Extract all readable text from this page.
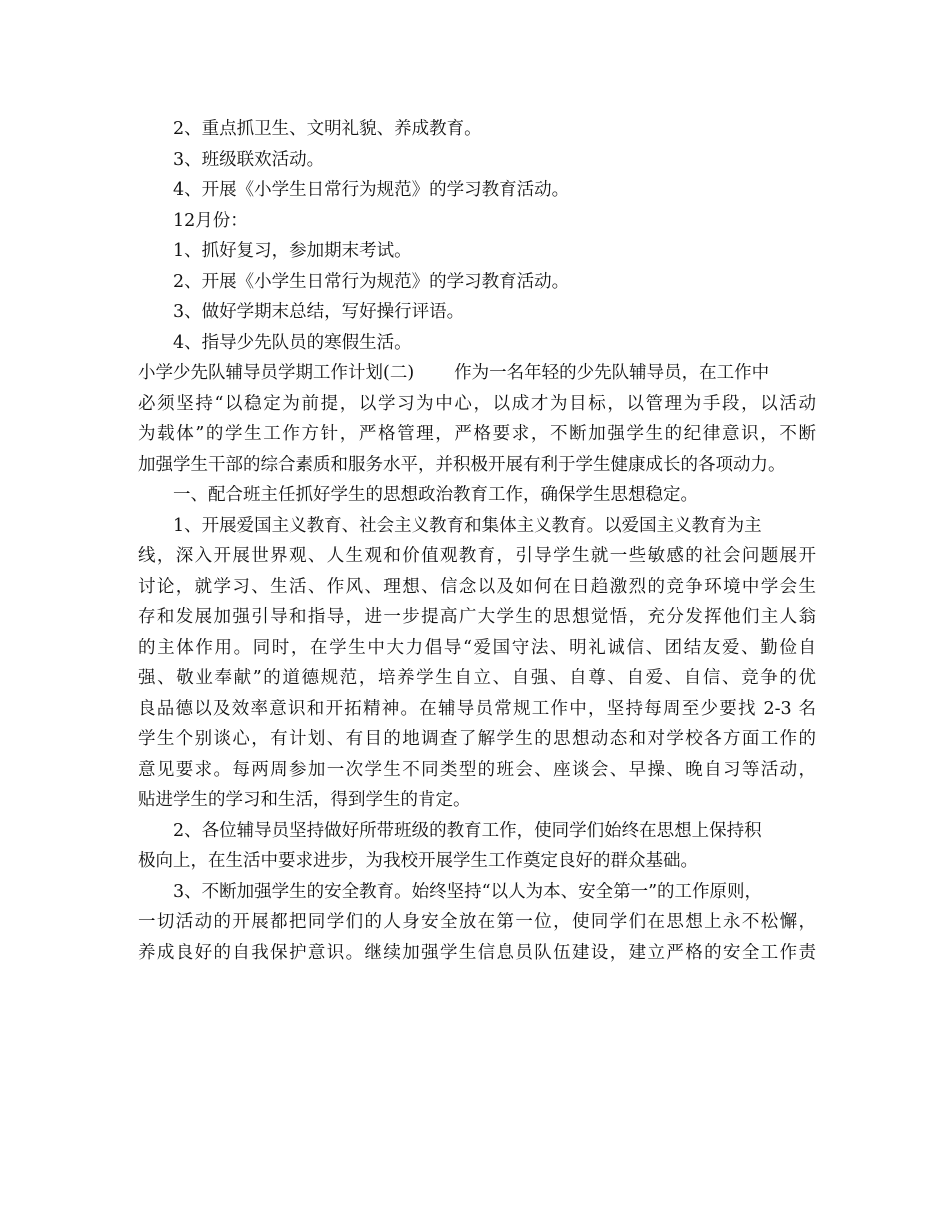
2、重点抓卫生、文明礼貌、养成教育。

3、班级联欢活动。

4、开展《小学生日常行为规范》的学习教育活动。

12月份：

1、抓好复习，参加期末考试。

2、开展《小学生日常行为规范》的学习教育活动。

3、做好学期末总结，写好操行评语。

4、指导少先队员的寒假生活。

小学少先队辅导员学期工作计划(二) 作为一名年轻的少先队辅导员，在工作中

必须坚持“以稳定为前提，以学习为中心，以成才为目标，以管理为手段，以活动

为载体”的学生工作方针，严格管理，严格要求，不断加强学生的纪律意识，不断

加强学生干部的综合素质和服务水平，并积极开展有利于学生健康成长的各项动力。

一、配合班主任抓好学生的思想政治教育工作，确保学生思想稳定。

1、开展爱国主义教育、社会主义教育和集体主义教育。以爱国主义教育为主

线，深入开展世界观、人生观和价值观教育，引导学生就一些敏感的社会问题展开

讨论，就学习、生活、作风、理想、信念以及如何在日趋激烈的竞争环境中学会生

存和发展加强引导和指导，进一步提高广大学生的思想觉悟，充分发挥他们主人翁

的主体作用。同时，在学生中大力倡导“爱国守法、明礼诚信、团结友爱、勤俭自

强、敬业奉献”的道德规范，培养学生自立、自强、自尊、自爱、自信、竞争的优

良品德以及效率意识和开拓精神。在辅导员常规工作中，坚持每周至少要找 2-3 名

学生个别谈心，有计划、有目的地调查了解学生的思想动态和对学校各方面工作的

意见要求。每两周参加一次学生不同类型的班会、座谈会、早操、晚自习等活动，

贴进学生的学习和生活，得到学生的肯定。

2、各位辅导员坚持做好所带班级的教育工作，使同学们始终在思想上保持积

极向上，在生活中要求进步，为我校开展学生工作奠定良好的群众基础。

3、不断加强学生的安全教育。始终坚持“以人为本、安全第一”的工作原则，

一切活动的开展都把同学们的人身安全放在第一位，使同学们在思想上永不松懈，

养成良好的自我保护意识。继续加强学生信息员队伍建设，建立严格的安全工作责
